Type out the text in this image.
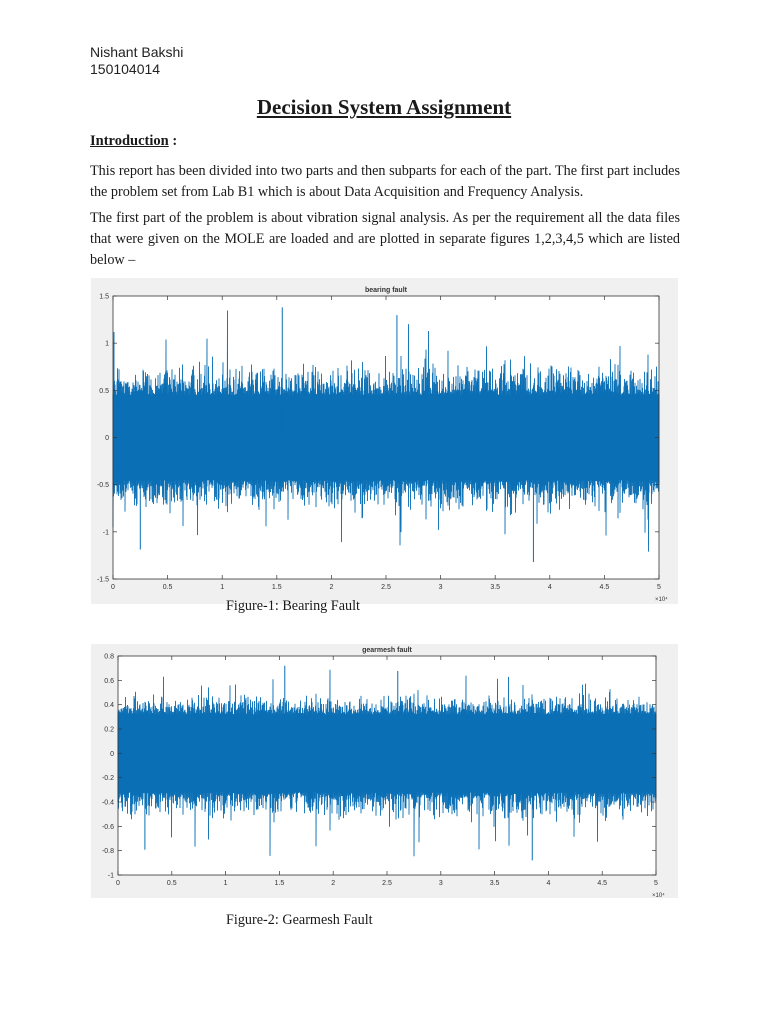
Nishant Bakshi
150104014
Decision System Assignment
Introduction :
This report has been divided into two parts and then subparts for each of the part. The first part includes the problem set from Lab B1 which is about Data Acquisition and Frequency Analysis.
The first part of the problem is about vibration signal analysis. As per the requirement all the data files that were given on the MOLE are loaded and are plotted in separate figures 1,2,3,4,5 which are listed below –
bearing fault
0	0.5	1	1.5	2	2.5	3	3.5	4	4.5	5
×10⁴
1.5
1
0.5
0
-0.5
-1
-1.5
Figure-1: Bearing Fault
gearmesh fault
0	0.5	1	1.5	2	2.5	3	3.5	4	4.5	5
×10⁴
0.8
0.6
0.4
0.2
0
-0.2
-0.4
-0.6
-0.8
-1
Figure-2: Gearmesh Fault
